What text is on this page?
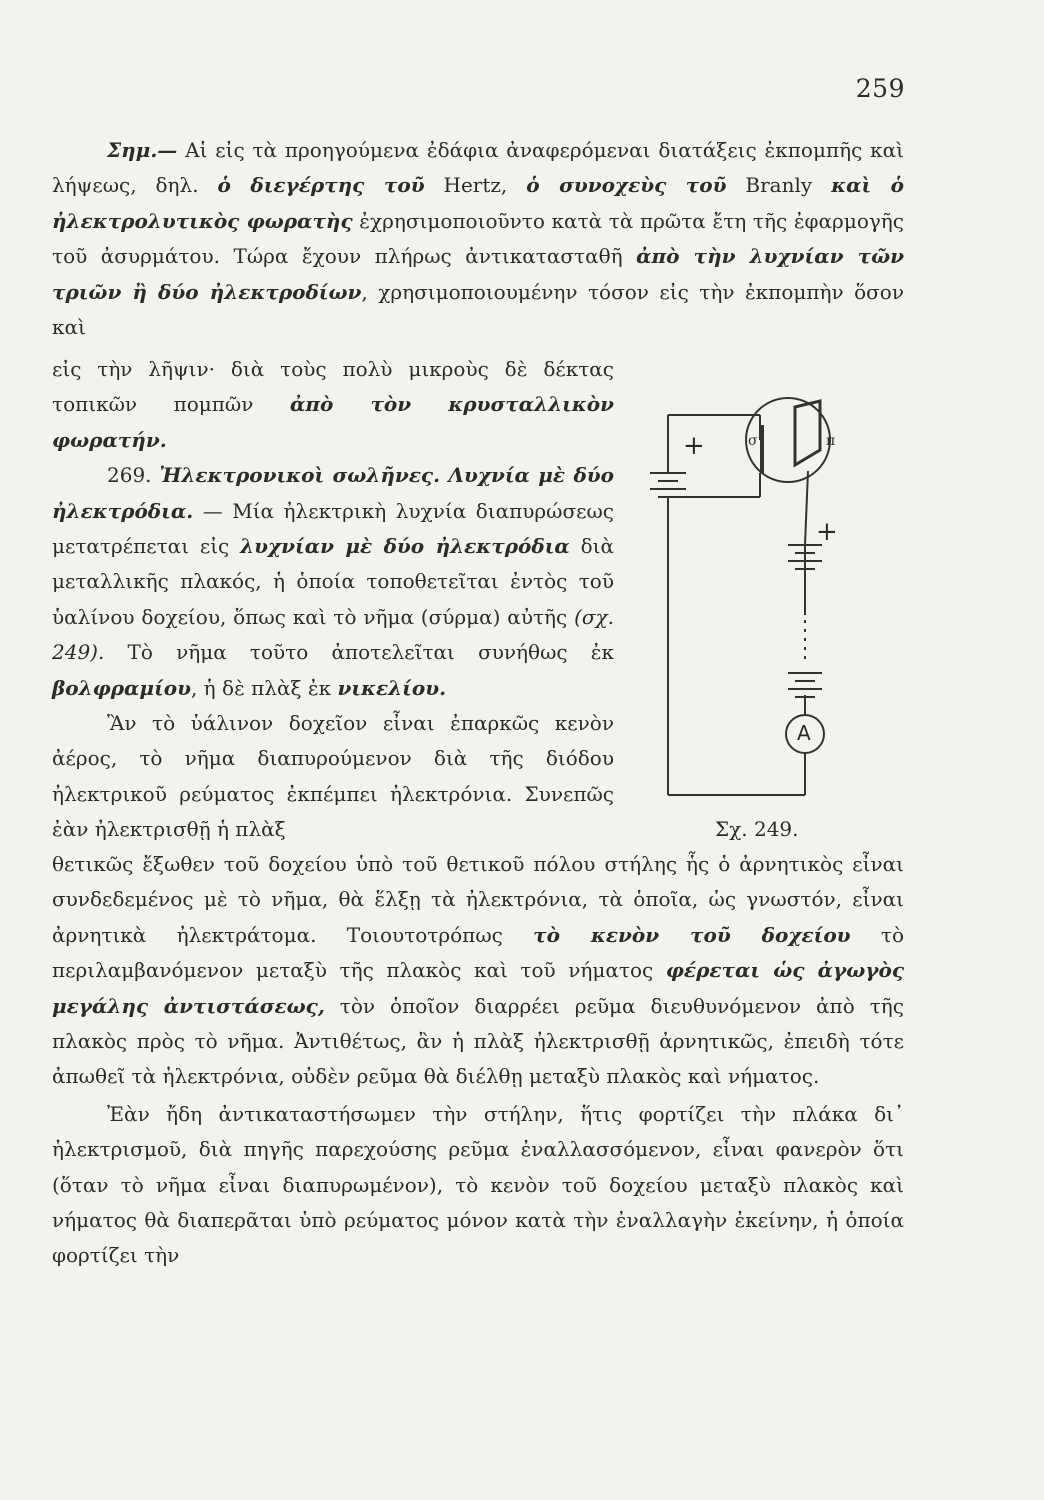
259

Σημ.— Αἱ εἰς τὰ προηγούμενα ἐδάφια ἀναφερόμεναι διατάξεις ἐκπομπῆς καὶ λήψεως, δηλ. ὁ διεγέρτης τοῦ Hertz, ὁ συνοχεὺς τοῦ Branly καὶ ὁ ἠλεκτρολυτικὸς φωρατὴς ἐχρησιμοποιοῦντο κατὰ τὰ πρῶτα ἔτη τῆς ἐφαρμογῆς τοῦ ἀσυρμάτου. Τώρα ἔχουν πλήρως ἀντικατασταθῆ ἀπὸ τὴν λυχνίαν τῶν τριῶν ἢ δύο ἠλεκτροδίων, χρησιμοποιουμένην τόσον εἰς τὴν ἐκπομπὴν ὅσον καὶ

εἰς τὴν λῆψιν· διὰ τοὺς πολὺ μικροὺς δὲ δέκτας τοπικῶν πομπῶν ἀπὸ τὸν κρυσταλλικὸν φωρατήν.

269. Ἠλεκτρονικοὶ σωλῆνες. Λυχνία μὲ δύο ἠλεκτρόδια. — Μία ἠλεκτρικὴ λυχνία διαπυρώσεως μετατρέπεται εἰς λυχνίαν μὲ δύο ἠλεκτρόδια διὰ μεταλλικῆς πλακός, ἡ ὁποία τοποθετεῖται ἐντὸς τοῦ ὑαλίνου δοχείου, ὅπως καὶ τὸ νῆμα (σύρμα) αὐτῆς (σχ. 249). Τὸ νῆμα τοῦτο ἀποτελεῖται συνήθως ἐκ βολφραμίου, ἡ δὲ πλὰξ ἐκ νικελίου.

Ἂν τὸ ὑάλινον δοχεῖον εἶναι ἐπαρκῶς κενὸν ἀέρος, τὸ νῆμα διαπυρούμενον διὰ τῆς διόδου ἠλεκτρικοῦ ρεύματος ἐκπέμπει ἠλεκτρόνια. Συνεπῶς ἐὰν ἠλεκτρισθῇ ἡ πλὰξ

θετικῶς ἔξωθεν τοῦ δοχείου ὑπὸ τοῦ θετικοῦ πόλου στήλης ἧς ὁ ἀρνητικὸς εἶναι συνδεδεμένος μὲ τὸ νῆμα, θὰ ἕλξῃ τὰ ἠλεκτρόνια, τὰ ὁποῖα, ὡς γνωστόν, εἶναι ἀρνητικὰ ἠλεκτράτομα. Τοιουτοτρόπως τὸ κενὸν τοῦ δοχείου τὸ περιλαμβανόμενον μεταξὺ τῆς πλακὸς καὶ τοῦ νήματος φέρεται ὡς ἀγωγὸς μεγάλης ἀντιστάσεως, τὸν ὁποῖον διαρρέει ρεῦμα διευθυνόμενον ἀπὸ τῆς πλακὸς πρὸς τὸ νῆμα. Ἀντιθέτως, ἂν ἡ πλὰξ ἠλεκτρισθῇ ἀρνητικῶς, ἐπειδὴ τότε ἀπωθεῖ τὰ ἠλεκτρόνια, οὐδὲν ρεῦμα θὰ διέλθῃ μεταξὺ πλακὸς καὶ νήματος.

Ἐὰν ἤδη ἀντικαταστήσωμεν τὴν στήλην, ἥτις φορτίζει τὴν πλάκα δι᾿ ἠλεκτρισμοῦ, διὰ πηγῆς παρεχούσης ρεῦμα ἐναλλασσόμενον, εἶναι φανερὸν ὅτι (ὅταν τὸ νῆμα εἶναι διαπυρωμένον), τὸ κενὸν τοῦ δοχείου μεταξὺ πλακὸς καὶ νήματος θὰ διαπερᾶται ὑπὸ ρεύματος μόνον κατὰ τὴν ἐναλλαγὴν ἐκείνην, ἡ ὁποία φορτίζει τὴν

+	σ	π
+
A
Σχ. 249.
